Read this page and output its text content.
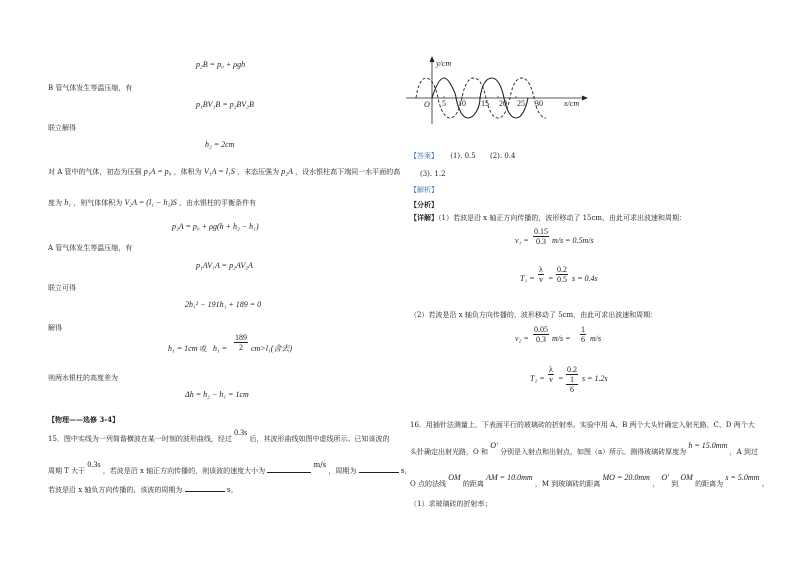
p₂B = p₀ + ρgh
B 管气体发生等温压缩，有
p₁BV₁B = p₂BV₂B
联立解得
h₂ = 2cm
对 A 管中的气体，初态为压强 p₁A = p₀ ，体积为 V₁A = l₁S ，末态压强为 p₂A ，设水银柱高下端同一水平面的高
度为 h₁ ，则气体体积为 V₂A = (l₁ − h₁)S ，由水银柱的平衡条件有
p₂A = p₀ + ρg(h + h₂ − h₁)
A 管气体发生等温压缩，有
p₁AV₁A = p₂AV₂A
联立可得
2h₁² − 191h₁ + 189 = 0
解得
h₁ = 1cm 或 $h_1 = \frac{189}{2} cm>l_1$(舍去)
则两水银柱的高度差为
Δh = h₂ − h₁ = 1cm
【物理——选修 3-4】
15．图中实线为一列简谐横波在某一时刻的波形曲线，经过 0.3s 后，其波形曲线如图中虚线所示。已知该波的
周期 T 大于 0.3s ，若波是沿 x 轴正方向传播的，则该波的速度大小为  m/s ，周期为	s，
若波是沿 x 轴负方向传播的，该波的周期为	s。
y/cm
x/cm
O 5 10 15 20 25 30
【答案】 (1). 0.5 (2). 0.4
(3). 1.2
【解析】
【分析】
【详解】（1）若波是沿 x 轴正方向传播的，波形移动了 15cm，由此可求出波速和周期：
$v_1 = \frac{0.15}{0.3} m/s = 0.5m/s$
$T_1 = \frac{\lambda}{v} = \frac{0.2}{0.5}$ s = 0.4s
（2）若波是沿 x 轴负方向传播的，波形移动了 5cm，由此可求出波速和周期：
$v_2 = \frac{0.05}{0.3} m/s = \frac{1}{6} m/s$
$T_2 = \frac{\lambda}{v}$ =
0.2
1
6
s = 1.2s
16．用插针法测量上、下表面平行的玻璃砖的折射率。实验中用 A、B 两个大头针确定入射光路、C、D 两个大
头针确定出射光路，O 和 O′ 分别是入射点和出射点，如图（a）所示。测得玻璃砖厚度为 h = 15.0mm ，A 到过
O 点的法线 OM 的距离 AM = 10.0mm ，M 到玻璃砖的距离 MO = 20.0mm ， O′ 到 OM 的距离为 s = 5.0mm 。
（1）求玻璃砖的折射率；
